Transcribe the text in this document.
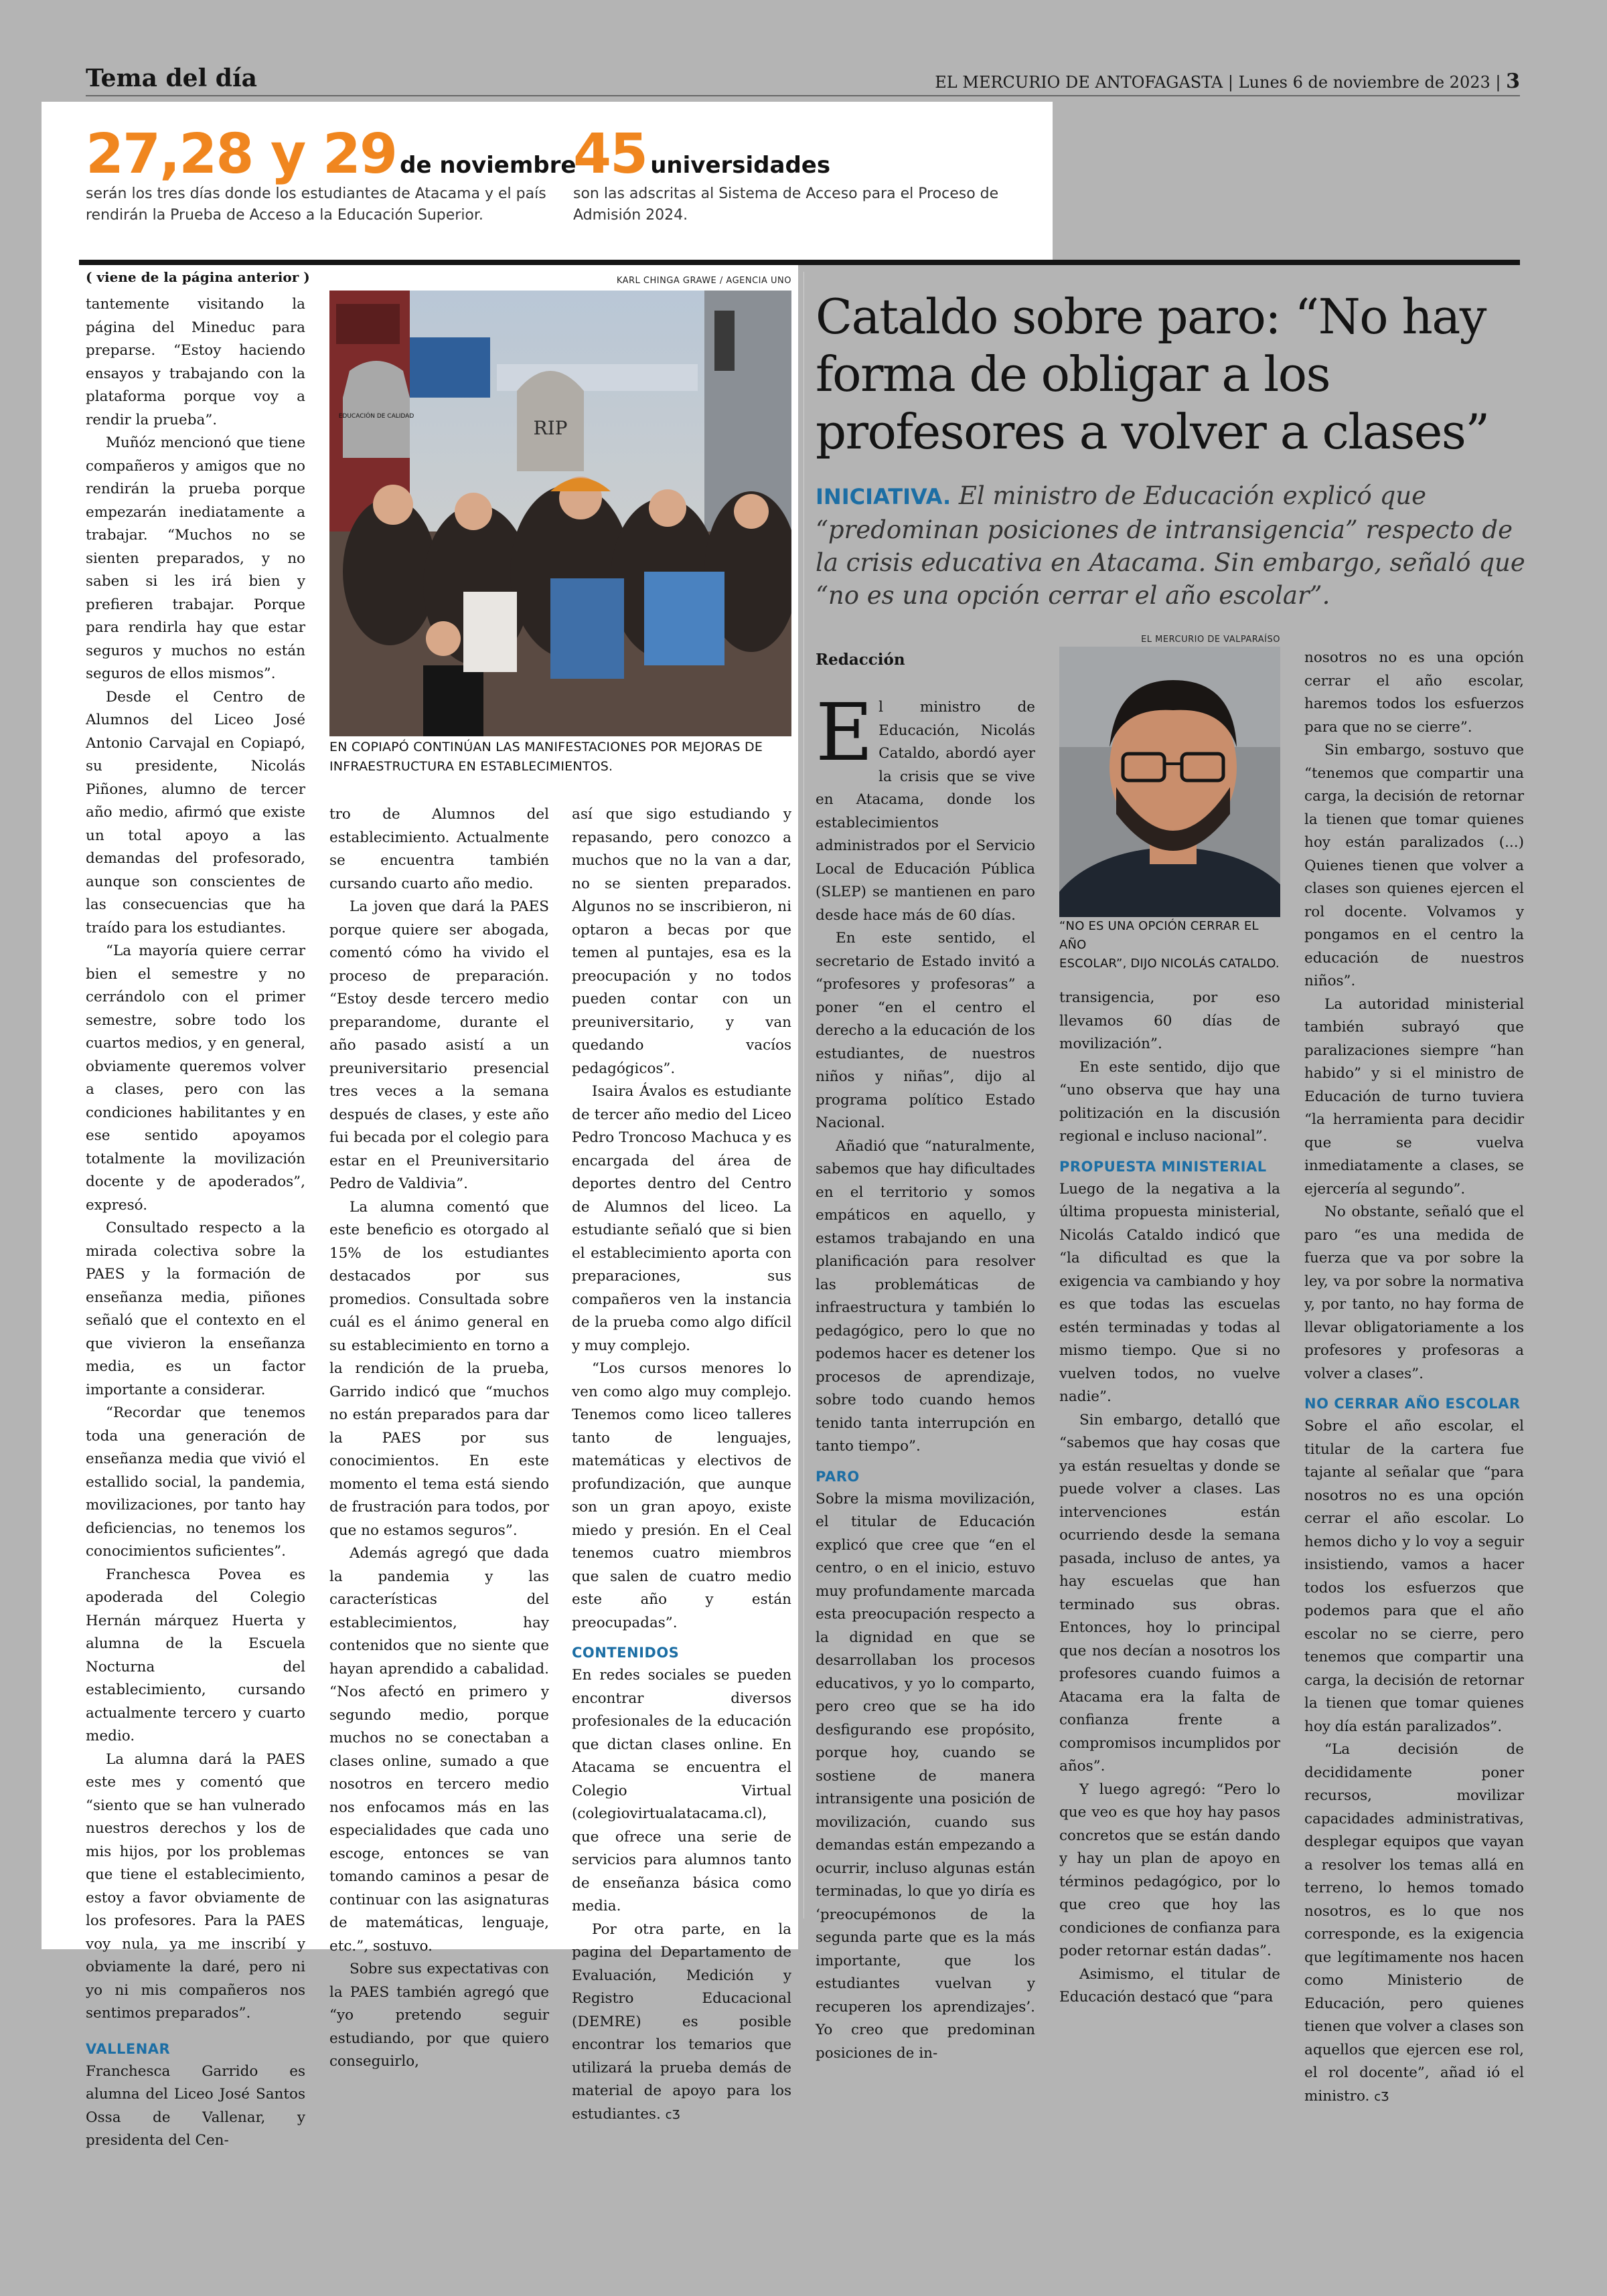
Tema del día	EL MERCURIO DE ANTOFAGASTA | Lunes 6 de noviembre de 2023 | 3
27,28 y 29 de noviembre
serán los tres días donde los estudiantes de Atacama y el país
rendirán la Prueba de Acceso a la Educación Superior.
45 universidades
son las adscritas al Sistema de Acceso para el Proceso de
Admisión 2024.
( viene de la página anterior )	KARL CHINGA GRAWE / AGENCIA UNO
EDUCACIÓN DE CALIDAD
RIP
EN COPIAPÓ CONTINÚAN LAS MANIFESTACIONES POR MEJORAS DE
INFRAESTRUCTURA EN ESTABLECIMIENTOS.

tantemente visitando la página del Mineduc para preparse. “Estoy haciendo ensayos y trabajando con la plataforma porque voy a rendir la prueba”.

Muñóz mencionó que tiene compañeros y amigos que no rendirán la prueba porque empezarán inediatamente a trabajar. “Muchos no se sienten preparados, y no saben si les irá bien y prefieren trabajar. Porque para rendirla hay que estar seguros y muchos no están seguros de ellos mismos”.

Desde el Centro de Alumnos del Liceo José Antonio Carvajal en Copiapó, su presidente, Nicolás Piñones, alumno de tercer año medio, afirmó que existe un total apoyo a las demandas del profesorado, aunque son conscientes de las consecuencias que ha traído para los estudiantes.

“La mayoría quiere cerrar bien el semestre y no cerrándolo con el primer semestre, sobre todo los cuartos medios, y en general, obviamente queremos volver a clases, pero con las condiciones habilitantes y en ese sentido apoyamos totalmente la movilización docente y de apoderados”, expresó.

Consultado respecto a la mirada colectiva sobre la PAES y la formación de enseñanza media, piñones señaló que el contexto en el que vivieron la enseñanza media, es un factor importante a considerar.

“Recordar que tenemos toda una generación de enseñanza media que vivió el estallido social, la pandemia, movilizaciones, por tanto hay deficiencias, no tenemos los conocimientos suficientes”.

Franchesca Povea es apoderada del Colegio Hernán márquez Huerta y alumna de la Escuela Nocturna del establecimiento, cursando actualmente tercero y cuarto medio.

La alumna dará la PAES este mes y comentó que “siento que se han vulnerado nuestros derechos y los de mis hijos, por los problemas que tiene el establecimiento, estoy a favor obviamente de los profesores. Para la PAES voy nula, ya me inscribí y obviamente la daré, pero ni yo ni mis compañeros nos sentimos preparados”.

VALLENAR

Franchesca Garrido es alumna del Liceo José Santos Ossa de Vallenar, y presidenta del Cen-

tro de Alumnos del establecimiento. Actualmente se encuentra también cursando cuarto año medio.

La joven que dará la PAES porque quiere ser abogada, comentó cómo ha vivido el proceso de preparación. “Estoy desde tercero medio preparandome, durante el año pasado asistí a un preuniversitario presencial tres veces a la semana después de clases, y este año fui becada por el colegio para estar en el Preuniversitario Pedro de Valdivia”.

La alumna comentó que este beneficio es otorgado al 15% de los estudiantes destacados por sus promedios. Consultada sobre cuál es el ánimo general en su establecimiento en torno a la rendición de la prueba, Garrido indicó que “muchos no están preparados para dar la PAES por sus conocimientos. En este momento el tema está siendo de frustración para todos, por que no estamos seguros”.

Además agregó que dada la pandemia y las características del establecimientos, hay contenidos que no siente que hayan aprendido a cabalidad. “Nos afectó en primero y segundo medio, porque muchos no se conectaban a clases online, sumado a que nosotros en tercero medio nos enfocamos más en las especialidades que cada uno escoge, entonces se van tomando caminos a pesar de continuar con las asignaturas de matemáticas, lenguaje, etc.”, sostuvo.

Sobre sus expectativas con la PAES también agregó que “yo pretendo seguir estudiando, por que quiero conseguirlo,

así que sigo estudiando y repasando, pero conozco a muchos que no la van a dar, no se sienten preparados. Algunos no se inscribieron, ni optaron a becas por que temen al puntajes, esa es la preocupación y no todos pueden contar con un preuniversitario, y van quedando vacíos pedagógicos”.

Isaira Ávalos es estudiante de tercer año medio del Liceo Pedro Troncoso Machuca y es encargada del área de deportes dentro del Centro de Alumnos del liceo. La estudiante señaló que si bien el establecimiento aporta con preparaciones, sus compañeros ven la instancia de la prueba como algo difícil y muy complejo.

“Los cursos menores lo ven como algo muy complejo. Tenemos como liceo talleres tanto de lenguajes, matemáticas y electivos de profundización, que aunque son un gran apoyo, existe miedo y presión. En el Ceal tenemos cuatro miembros que salen de cuatro medio este año y están preocupadas”.

CONTENIDOS

En redes sociales se pueden encontrar diversos profesionales de la educación que dictan clases online. En Atacama se encuentra el Colegio Virtual (colegiovirtualatacama.cl), que ofrece una serie de servicios para alumnos tanto de enseñanza básica como media.

Por otra parte, en la pagina del Departamento de Evaluación, Medición y Registro Educacional (DEMRE) es posible encontrar los temarios que utilizará la prueba demás de material de apoyo para los estudiantes. cƷ

Cataldo sobre paro: “No hay forma de obligar a los profesores a volver a clases”
INICIATIVA. El ministro de Educación explicó que “predominan posiciones de intransigencia” respecto de la crisis educativa en Atacama. Sin embargo, señaló que “no es una opción cerrar el año escolar”.
Redacción
EL MERCURIO DE VALPARAÍSO
“NO ES UNA OPCIÓN CERRAR EL AÑO
ESCOLAR”, DIJO NICOLÁS CATALDO.

El ministro de Educación, Nicolás Cataldo, abordó ayer la crisis que se vive en Atacama, donde los establecimientos administrados por el Servicio Local de Educación Pública (SLEP) se mantienen en paro desde hace más de 60 días.

En este sentido, el secretario de Estado invitó a “profesores y profesoras” a poner “en el centro el derecho a la educación de los estudiantes, de nuestros niños y niñas”, dijo al programa político Estado Nacional.

Añadió que “naturalmente, sabemos que hay dificultades en el territorio y somos empáticos en aquello, y estamos trabajando en una planificación para resolver las problemáticas de infraestructura y también lo pedagógico, pero lo que no podemos hacer es detener los procesos de aprendizaje, sobre todo cuando hemos tenido tanta interrupción en tanto tiempo”.

PARO

Sobre la misma movilización, el titular de Educación explicó que cree que “en el centro, o en el inicio, estuvo muy profundamente marcada esta preocupación respecto a la dignidad en que se desarrollaban los procesos educativos, y yo lo comparto, pero creo que se ha ido desfigurando ese propósito, porque hoy, cuando se sostiene de manera intransigente una posición de movilización, cuando sus demandas están empezando a ocurrir, incluso algunas están terminadas, lo que yo diría es ‘preocupémonos de la segunda parte que es la más importante, que los estudiantes vuelvan y recuperen los aprendizajes’. Yo creo que predominan posiciones de in-

transigencia, por eso llevamos 60 días de movilización”.

En este sentido, dijo que “uno observa que hay una politización en la discusión regional e incluso nacional”.

PROPUESTA MINISTERIAL

Luego de la negativa a la última propuesta ministerial, Nicolás Cataldo indicó que “la dificultad es que la exigencia va cambiando y hoy es que todas las escuelas estén terminadas y todas al mismo tiempo. Que si no vuelven todos, no vuelve nadie”.

Sin embargo, detalló que “sabemos que hay cosas que ya están resueltas y donde se puede volver a clases. Las intervenciones están ocurriendo desde la semana pasada, incluso de antes, ya hay escuelas que han terminado sus obras. Entonces, hoy lo principal que nos decían a nosotros los profesores cuando fuimos a Atacama era la falta de confianza frente a compromisos incumplidos por años”.

Y luego agregó: “Pero lo que veo es que hoy hay pasos concretos que se están dando y hay un plan de apoyo en términos pedagógico, por lo que creo que hoy las condiciones de confianza para poder retornar están dadas”.

Asimismo, el titular de Educación destacó que “para

nosotros no es una opción cerrar el año escolar, haremos todos los esfuerzos para que no se cierre”.

Sin embargo, sostuvo que “tenemos que compartir una carga, la decisión de retornar la tienen que tomar quienes hoy están paralizados (...) Quienes tienen que volver a clases son quienes ejercen el rol docente. Volvamos y pongamos en el centro la educación de nuestros niños”.

La autoridad ministerial también subrayó que paralizaciones siempre “han habido” y si el ministro de Educación de turno tuviera “la herramienta para decidir que se vuelva inmediatamente a clases, se ejercería al segundo”.

No obstante, señaló que el paro “es una medida de fuerza que va por sobre la ley, va por sobre la normativa y, por tanto, no hay forma de llevar obligatoriamente a los profesores y profesoras a volver a clases”.

NO CERRAR AÑO ESCOLAR

Sobre el año escolar, el titular de la cartera fue tajante al señalar que “para nosotros no es una opción cerrar el año escolar. Lo hemos dicho y lo voy a seguir insistiendo, vamos a hacer todos los esfuerzos que podemos para que el año escolar no se cierre, pero tenemos que compartir una carga, la decisión de retornar la tienen que tomar quienes hoy día están paralizados”.

“La decisión de decididamente poner recursos, movilizar capacidades administrativas, desplegar equipos que vayan a resolver los temas allá en terreno, lo hemos tomado nosotros, es lo que nos corresponde, es la exigencia que legítimamente nos hacen como Ministerio de Educación, pero quienes tienen que volver a clases son aquellos que ejercen ese rol, el rol docente”, añad ió el ministro. cƷ
